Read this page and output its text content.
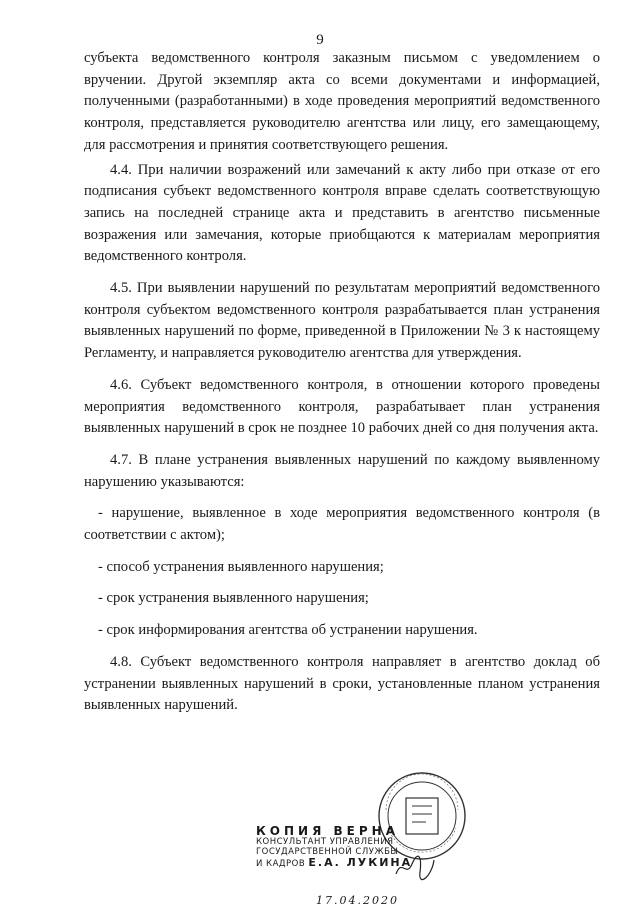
9

субъекта ведомственного контроля заказным письмом с уведомлением о вручении. Другой экземпляр акта со всеми документами и информацией, полученными (разработанными) в ходе проведения мероприятий ведомственного контроля, представляется руководителю агентства или лицу, его замещающему, для рассмотрения и принятия соответствующего решения.

4.4. При наличии возражений или замечаний к акту либо при отказе от его подписания субъект ведомственного контроля вправе сделать соответствующую запись на последней странице акта и представить в агентство письменные возражения или замечания, которые приобщаются к материалам мероприятия ведомственного контроля.

4.5. При выявлении нарушений по результатам мероприятий ведомственного контроля субъектом ведомственного контроля разрабатывается план устранения выявленных нарушений по форме, приведенной в Приложении № 3 к настоящему Регламенту, и направляется руководителю агентства для утверждения.

4.6. Субъект ведомственного контроля, в отношении которого проведены мероприятия ведомственного контроля, разрабатывает план устранения выявленных нарушений в срок не позднее 10 рабочих дней со дня получения акта.

4.7. В плане устранения выявленных нарушений по каждому выявленному нарушению указываются:

- нарушение, выявленное в ходе мероприятия ведомственного контроля (в соответствии с актом);

- способ устранения выявленного нарушения;

- срок устранения выявленного нарушения;

- срок информирования агентства об устранении нарушения.

4.8. Субъект ведомственного контроля направляет в агентство доклад об устранении выявленных нарушений в сроки, установленные планом устранения выявленных нарушений.

КОПИЯ ВЕРНА
КОНСУЛЬТАНТ УПРАВЛЕНИЯ
ГОСУДАРСТВЕННОЙ СЛУЖБЫ
И КАДРОВ Е.А. ЛУКИНА
17.04.2020
